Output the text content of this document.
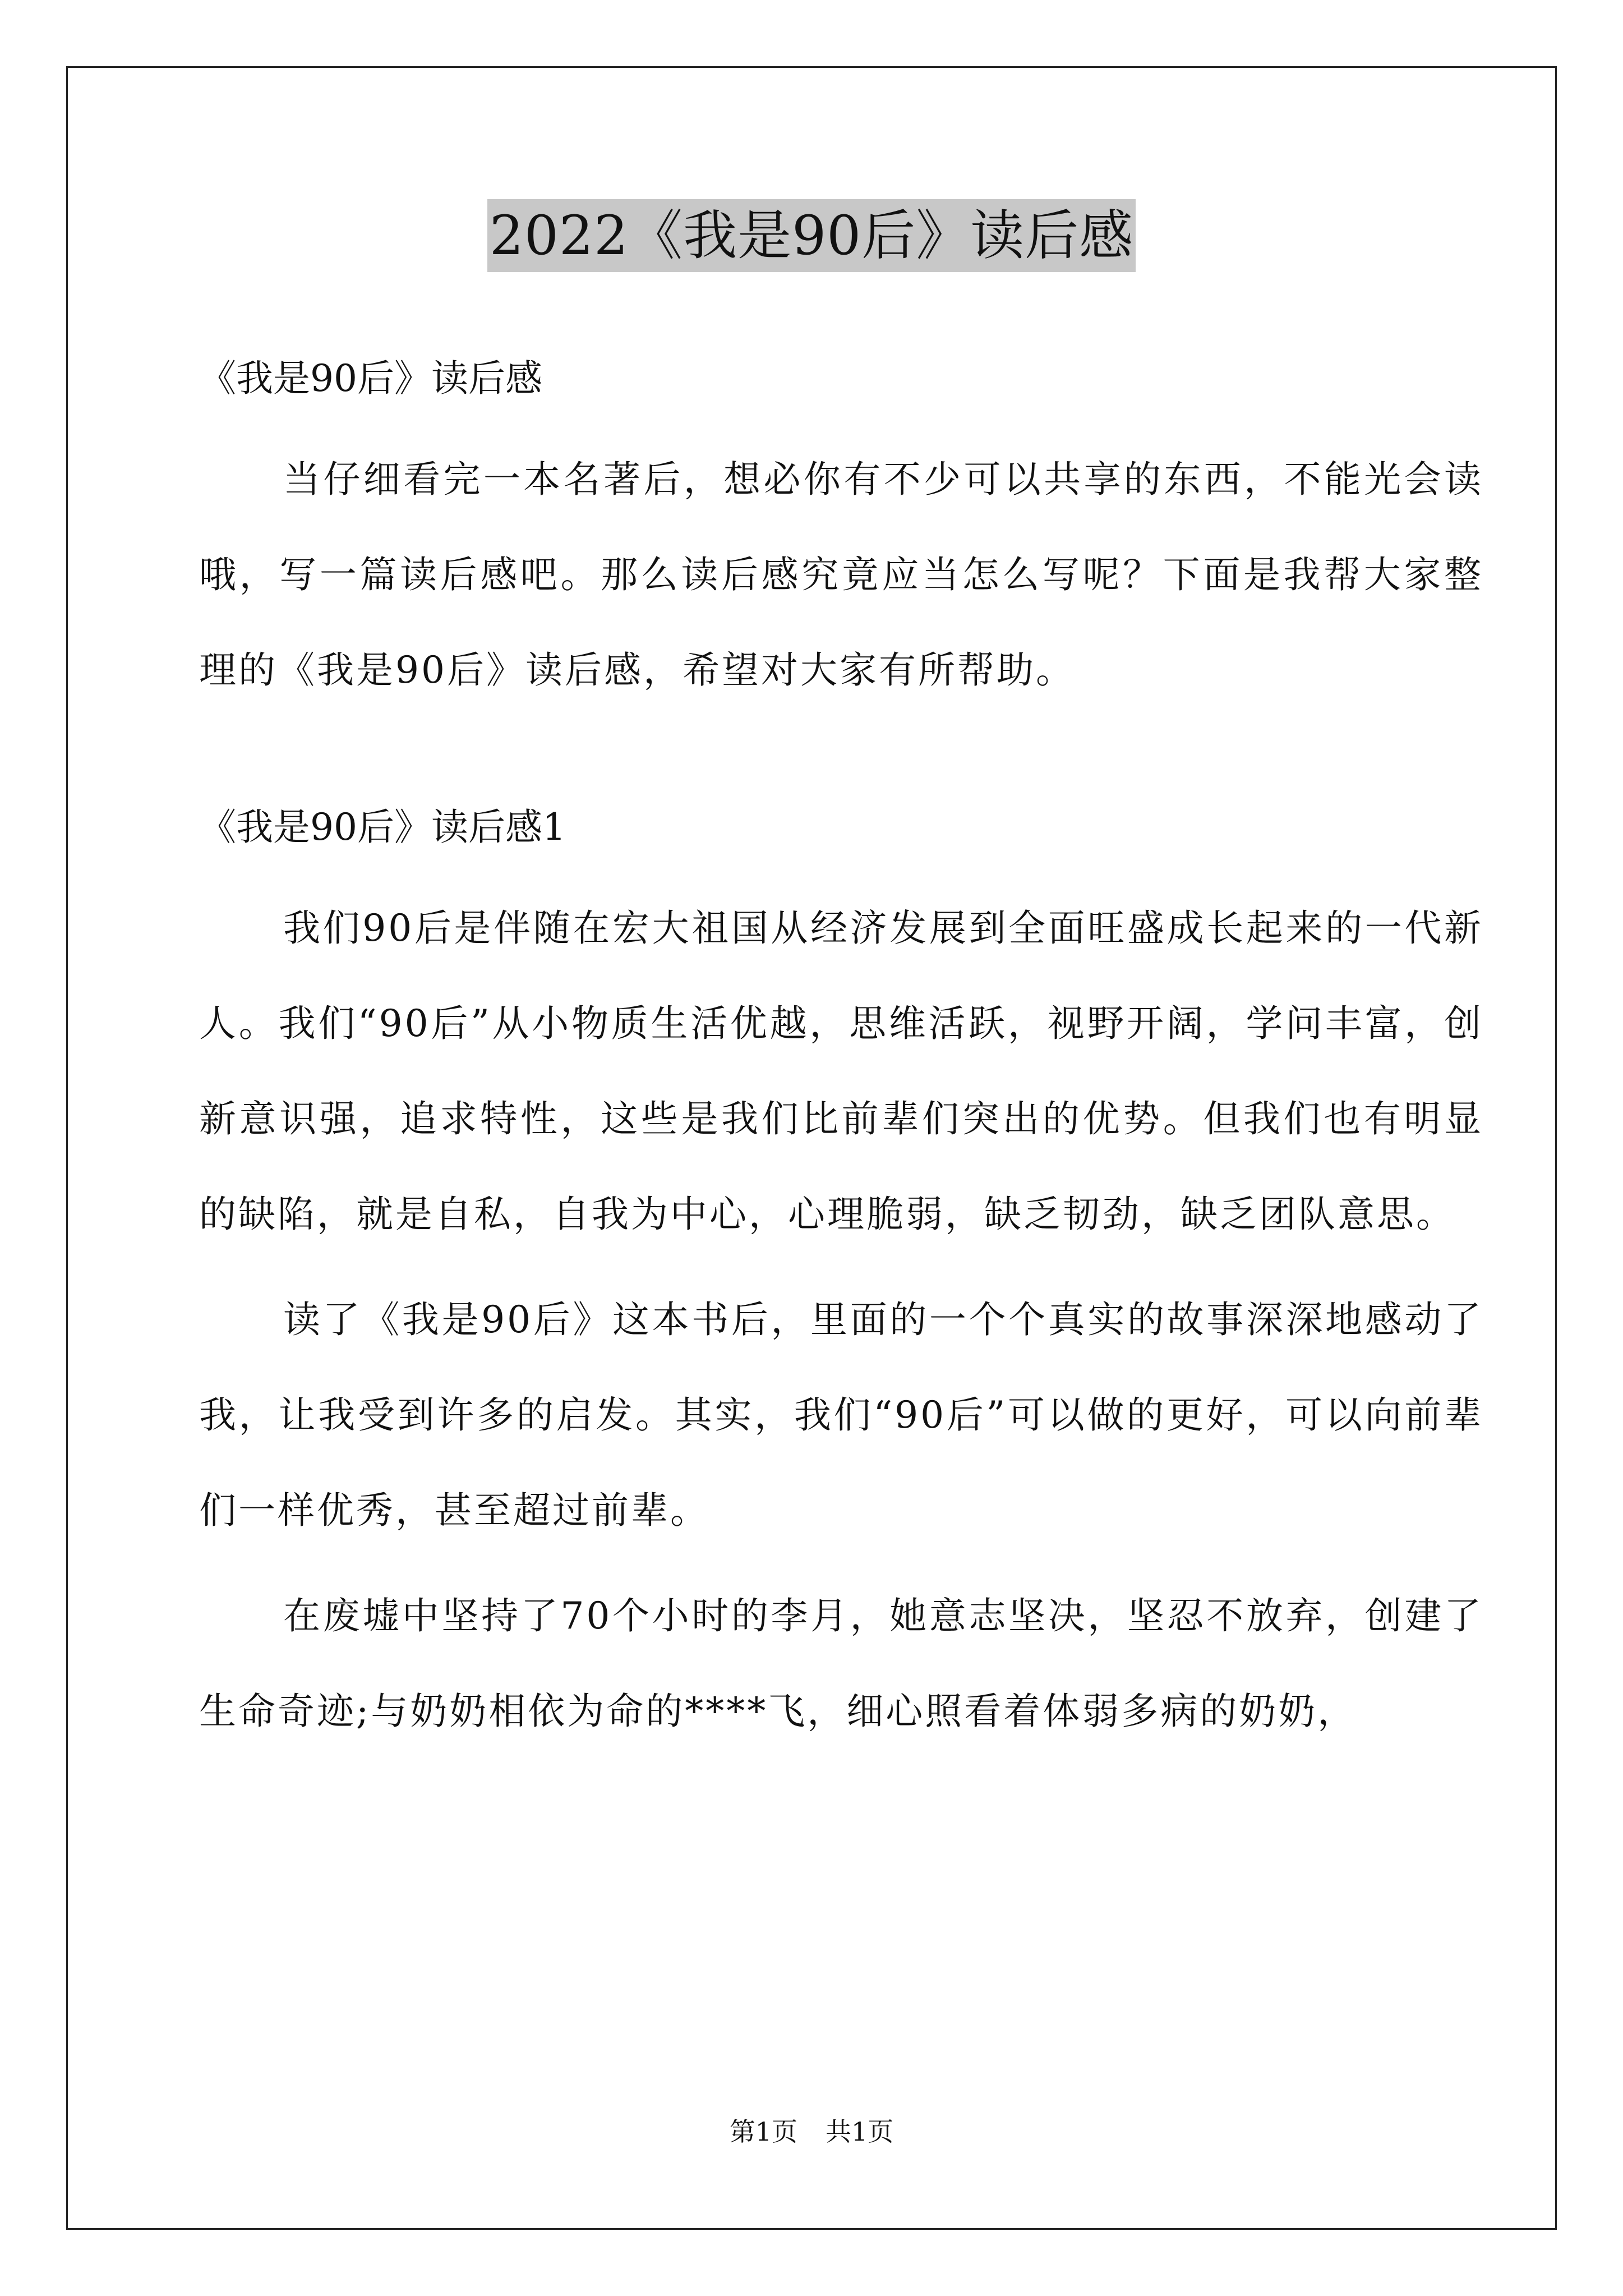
2022《我是90后》读后感

《我是90后》读后感

当仔细看完一本名著后，想必你有不少可以共享的东西，不能光会读哦，写一篇读后感吧。那么读后感究竟应当怎么写呢？下面是我帮大家整理的《我是90后》读后感，希望对大家有所帮助。

《我是90后》读后感1

我们90后是伴随在宏大祖国从经济发展到全面旺盛成长起来的一代新人。我们“90后”从小物质生活优越，思维活跃，视野开阔，学问丰富，创新意识强，追求特性，这些是我们比前辈们突出的优势。但我们也有明显的缺陷，就是自私，自我为中心，心理脆弱，缺乏韧劲，缺乏团队意思。

读了《我是90后》这本书后，里面的一个个真实的故事深深地感动了我，让我受到许多的启发。其实，我们“90后”可以做的更好，可以向前辈们一样优秀，甚至超过前辈。

在废墟中坚持了70个小时的李月，她意志坚决，坚忍不放弃，创建了生命奇迹;与奶奶相依为命的****飞，细心照看着体弱多病的奶奶，

第1页 共1页
